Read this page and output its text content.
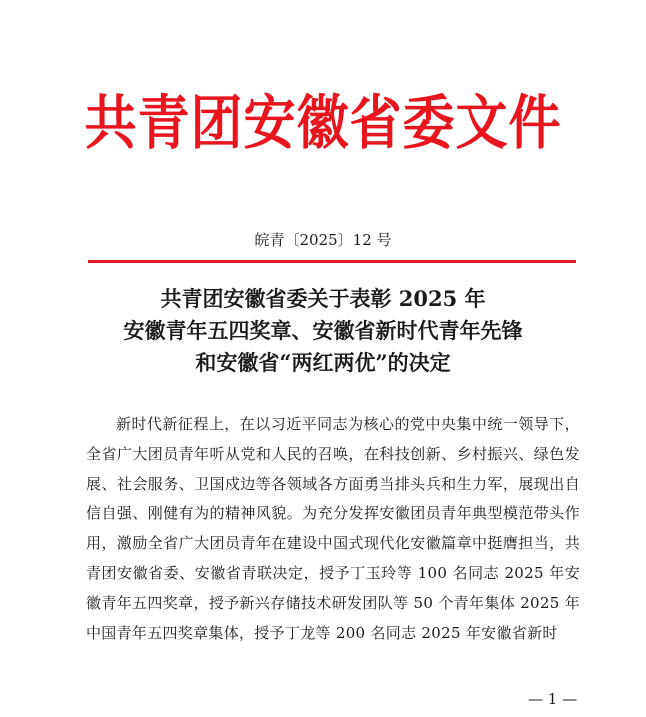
共青团安徽省委文件
皖青〔2025〕12 号
共青团安徽省委关于表彰 2025 年
安徽青年五四奖章、安徽省新时代青年先锋
和安徽省“两红两优”的决定
新时代新征程上，在以习近平同志为核心的党中央集中统一领导下，全省广大团员青年听从党和人民的召唤，在科技创新、乡村振兴、绿色发展、社会服务、卫国戍边等各领域各方面勇当排头兵和生力军，展现出自信自强、刚健有为的精神风貌。为充分发挥安徽团员青年典型模范带头作用，激励全省广大团员青年在建设中国式现代化安徽篇章中挺膺担当，共青团安徽省委、安徽省青联决定，授予丁玉玲等 100 名同志 2025 年安徽青年五四奖章，授予新兴存储技术研发团队等 50 个青年集体 2025 年中国青年五四奖章集体，授予丁龙等 200 名同志 2025 年安徽省新时
— 1 —
